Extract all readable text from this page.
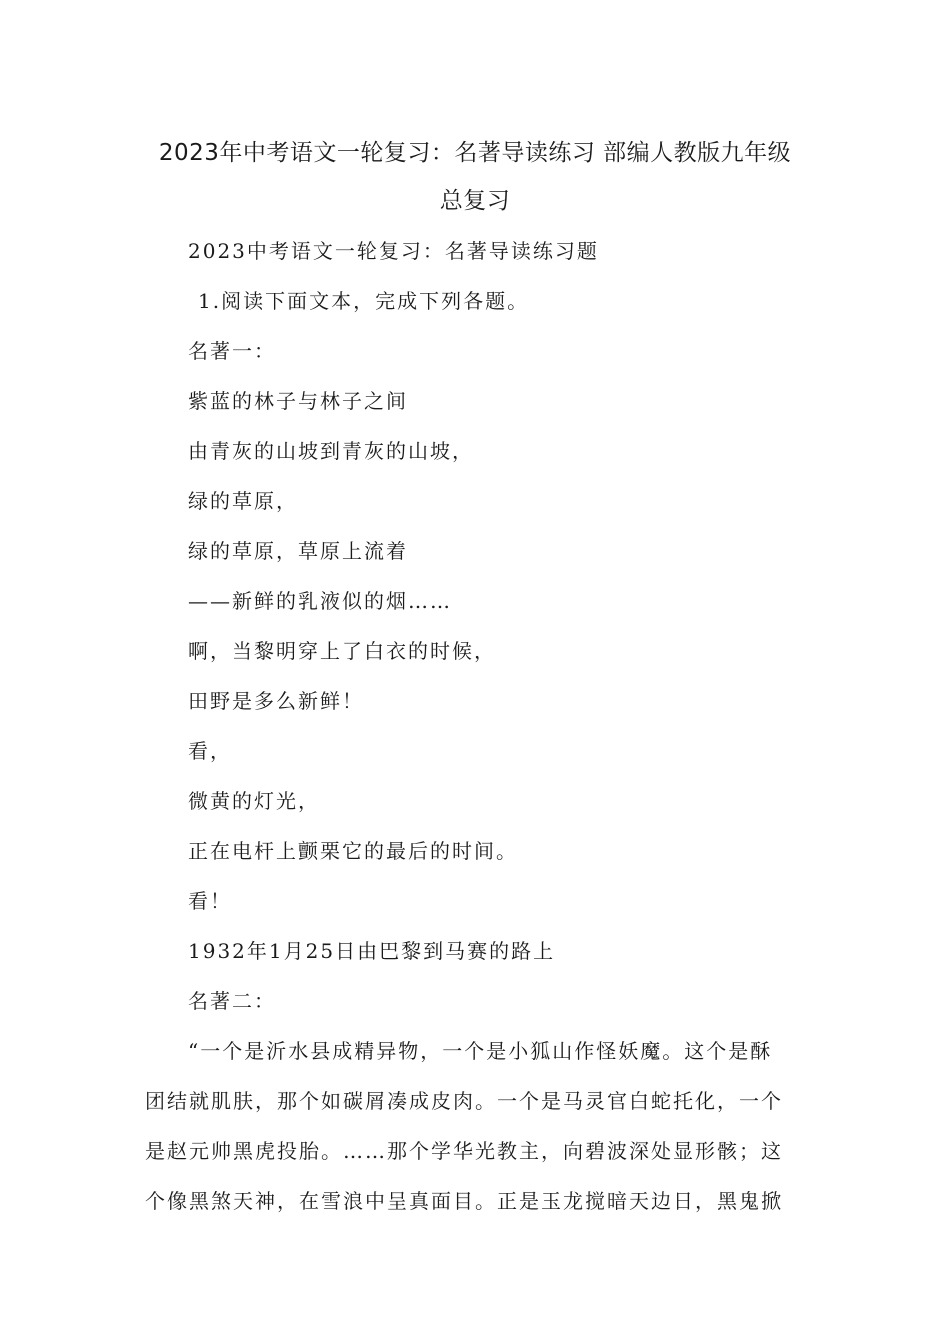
2023年中考语文一轮复习：名著导读练习 部编人教版九年级
总复习
2023中考语文一轮复习：名著导读练习题
1.阅读下面文本，完成下列各题。
名著一：
紫蓝的林子与林子之间
由青灰的山坡到青灰的山坡，
绿的草原，
绿的草原，草原上流着
——新鲜的乳液似的烟……
啊，当黎明穿上了白衣的时候，
田野是多么新鲜！
看，
微黄的灯光，
正在电杆上颤栗它的最后的时间。
看！
1932年1月25日由巴黎到马赛的路上
名著二：
“一个是沂水县成精异物，一个是小狐山作怪妖魔。这个是酥
团结就肌肤，那个如碳屑凑成皮肉。一个是马灵官白蛇托化，一个
是赵元帅黑虎投胎。……那个学华光教主，向碧波深处显形骸；这
个像黑煞天神，在雪浪中呈真面目。正是玉龙搅暗天边日，黑鬼掀
